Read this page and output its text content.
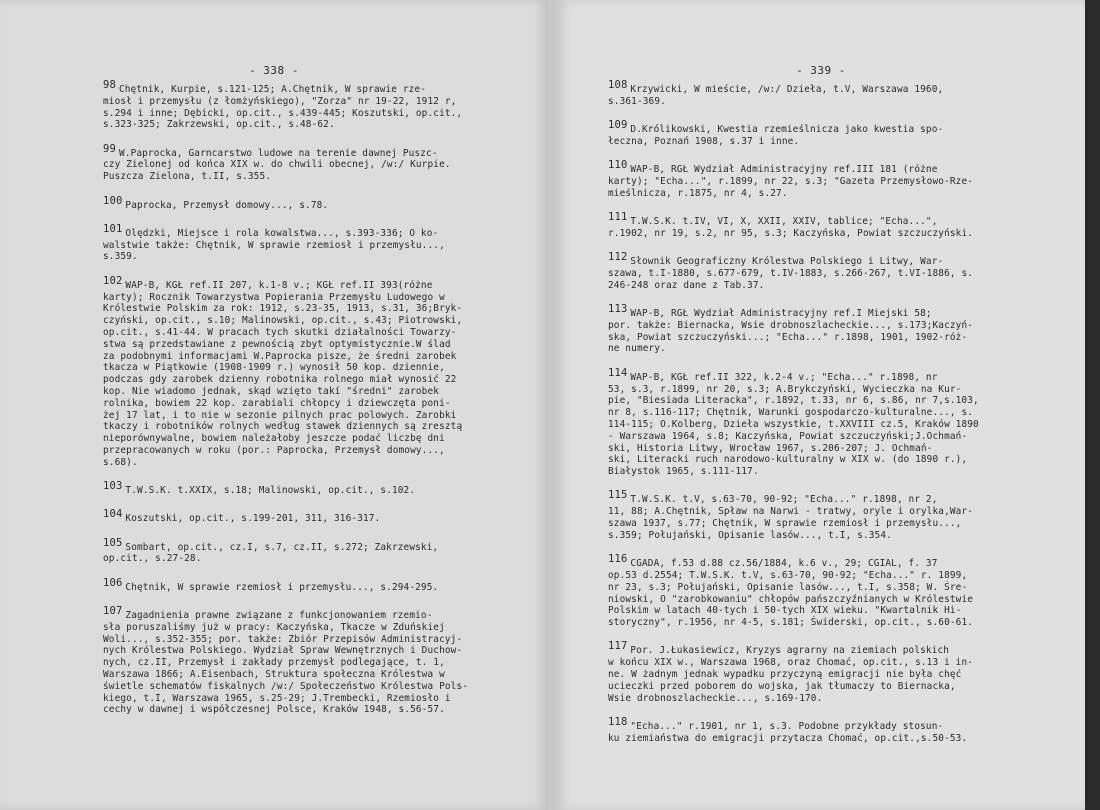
- 338 -	- 339 -
98 Chętnik, Kurpie, s.121-125; A.Chętnik, W sprawie rze-
miosł i przemysłu (z łomżyńskiego), "Zorza" nr 19-22, 1912 r,
s.294 i inne; Dębicki, op.cit., s.439-445; Koszutski, op.cit.,
s.323-325; Zakrzewski, op.cit., s.48-62.
99 W.Paprocka, Garncarstwo ludowe na terenie dawnej Puszc-
czy Zielonej od końca XIX w. do chwili obecnej, /w:/ Kurpie.
Puszcza Zielona, t.II, s.355.
100 Paprocka, Przemysł domowy..., s.78.
101 Olędzki, Miejsce i rola kowalstwa..., s.393-336; O ko-
walstwie także: Chętnik, W sprawie rzemiosł i przemysłu...,
s.359.
102 WAP-B, KGŁ ref.II 207, k.1-8 v.; KGŁ ref.II 393(różne
karty); Rocznik Towarzystwa Popierania Przemysłu Ludowego w
Królestwie Polskim za rok: 1912, s.23-35, 1913, s.31, 36;Bryk-
czyński, op.cit., s.10; Malinowski, op.cit., s.43; Piotrowski,
op.cit., s.41-44. W pracach tych skutki działalności Towarzy-
stwa są przedstawiane z pewnością zbyt optymistycznie.W ślad
za podobnymi informacjami W.Paprocka pisze, że średni zarobek
tkacza w Piątkowie (1908-1909 r.) wynosił 50 kop. dziennie,
podczas gdy zarobek dzienny robotnika rolnego miał wynosić 22
kop. Nie wiadomo jednak, skąd wzięto takí "średni" zarobek
rolnika, bowiem 22 kop. zarabiali chłopcy i dziewczęta poni-
żej 17 lat, i to nie w sezonie pilnych prac polowych. Zarobki
tkaczy i robotników rolnych według stawek dziennych są zresztą
nieporównywalne, bowiem należałoby jeszcze podać liczbę dni
przepracowanych w roku (por.: Paprocka, Przemysł domowy...,
s.68).
103 T.W.S.K. t.XXIX, s.18; Malinowski, op.cit., s.102.
104 Koszutski, op.cit., s.199-201, 311, 316-317.
105 Sombart, op.cit., cz.I, s.7, cz.II, s.272; Zakrzewski,
op.cit., s.27-28.
106 Chętnik, W sprawie rzemiosł i przemysłu..., s.294-295.
107 Zagadnienia prawne związane z funkcjonowaniem rzemio-
sła poruszaliśmy już w pracy: Kaczyńska, Tkacze w Zduńskiej
Woli..., s.352-355; por. także: Zbiór Przepisów Administracyj-
nych Królestwa Polskiego. Wydział Spraw Wewnętrznych i Duchow-
nych, cz.II, Przemysł i zakłady przemysł podlegające, t. 1,
Warszawa 1866; A.Eisenbach, Struktura społeczna Królestwa w
świetle schematów fiskalnych /w:/ Społeczeństwo Królestwa Pols-
kiego, t.I, Warszawa 1965, s.25-29; J.Trembecki, Rzemiosło i
cechy w dawnej i współczesnej Polsce, Kraków 1948, s.56-57.
108 Krzywicki, W mieście, /w:/ Dzieła, t.V, Warszawa 1960,
s.361-369.
109 D.Królikowski, Kwestia rzemieślnicza jako kwestia spo-
łeczna, Poznań 1908, s.37 i inne.
110 WAP-B, RGŁ Wydział Administracyjny ref.III 181 (różne
karty); "Echa...", r.1899, nr 22, s.3; "Gazeta Przemysłowo-Rze-
mieślnicza, r.1875, nr 4, s.27.
111 T.W.S.K. t.IV, VI, X, XXII, XXIV, tablice; "Echa...",
r.1902, nr 19, s.2, nr 95, s.3; Kaczyńska, Powiat szczuczyński.
112 Słownik Geograficzny Królestwa Polskiego i Litwy, War-
szawa, t.I-1880, s.677-679, t.IV-1883, s.266-267, t.VI-1886, s.
246-248 oraz dane z Tab.37.
113 WAP-B, RGŁ Wydział Administracyjny ref.I Miejski 58;
por. także: Biernacka, Wsie drobnoszlacheckie..., s.173;Kaczyń-
ska, Powiat szczuczyński...; "Echa..." r.1898, 1901, 1902-róż-
ne numery.
114 WAP-B, KGŁ ref.II 322, k.2-4 v.; "Echa..." r.1898, nr
53, s.3, r.1899, nr 20, s.3; A.Brykczyński, Wycieczka na Kur-
pie, "Biesiada Literacka", r.1892, t.33, nr 6, s.86, nr 7,s.103,
nr 8, s.116-117; Chętnik, Warunki gospodarczo-kulturalne..., s.
114-115; O.Kolberg, Dzieła wszystkie, t.XXVIII cz.5, Kraków 1890
- Warszawa 1964, s.8; Kaczyńska, Powiat szczuczyński;J.Ochmań-
ski, Historia Litwy, Wrocław 1967, s.206-207; J. Ochmań-
ski, Literacki ruch narodowo-kulturalny w XIX w. (do 1890 r.),
Białystok 1965, s.111-117.
115 T.W.S.K. t.V, s.63-70, 90-92; "Echa..." r.1898, nr 2,
11, 88; A.Chętnik, Spław na Narwi - tratwy, oryle i orylka,War-
szawa 1937, s.77; Chętnik, W sprawie rzemiosł i przemysłu...,
s.359; Połujański, Opisanie lasów..., t.I, s.354.
116 CGADA, f.53 d.88 cz.56/1884, k.6 v., 29; CGIAL, f. 37
op.53 d.2554; T.W.S.K. t.V, s.63-70, 90-92; "Echa..." r. 1899,
nr 23, s.3; Połujański, Opisanie lasów..., t.I, s.358; W. Śre-
niowski, O "zarobkowaniu" chłopów pańszczyźnianych w Królestwie
Polskim w latach 40-tych i 50-tych XIX wieku. "Kwartalnik Hi-
storyczny", r.1956, nr 4-5, s.181; Świderski, op.cit., s.60-61.
117 Por. J.Łukasiewicz, Kryzys agrarny na ziemiach polskich
w końcu XIX w., Warszawa 1968, oraz Chomać, op.cit., s.13 i in-
ne. W żadnym jednak wypadku przyczyną emigracji nie była chęć
ucieczki przed poborem do wojska, jak tłumaczy to Biernacka,
Wsie drobnoszlacheckie..., s.169-170.
118 "Echa..." r.1901, nr 1, s.3. Podobne przykłady stosun-
ku ziemiaństwa do emigracji przytacza Chomać, op.cit.,s.50-53.
